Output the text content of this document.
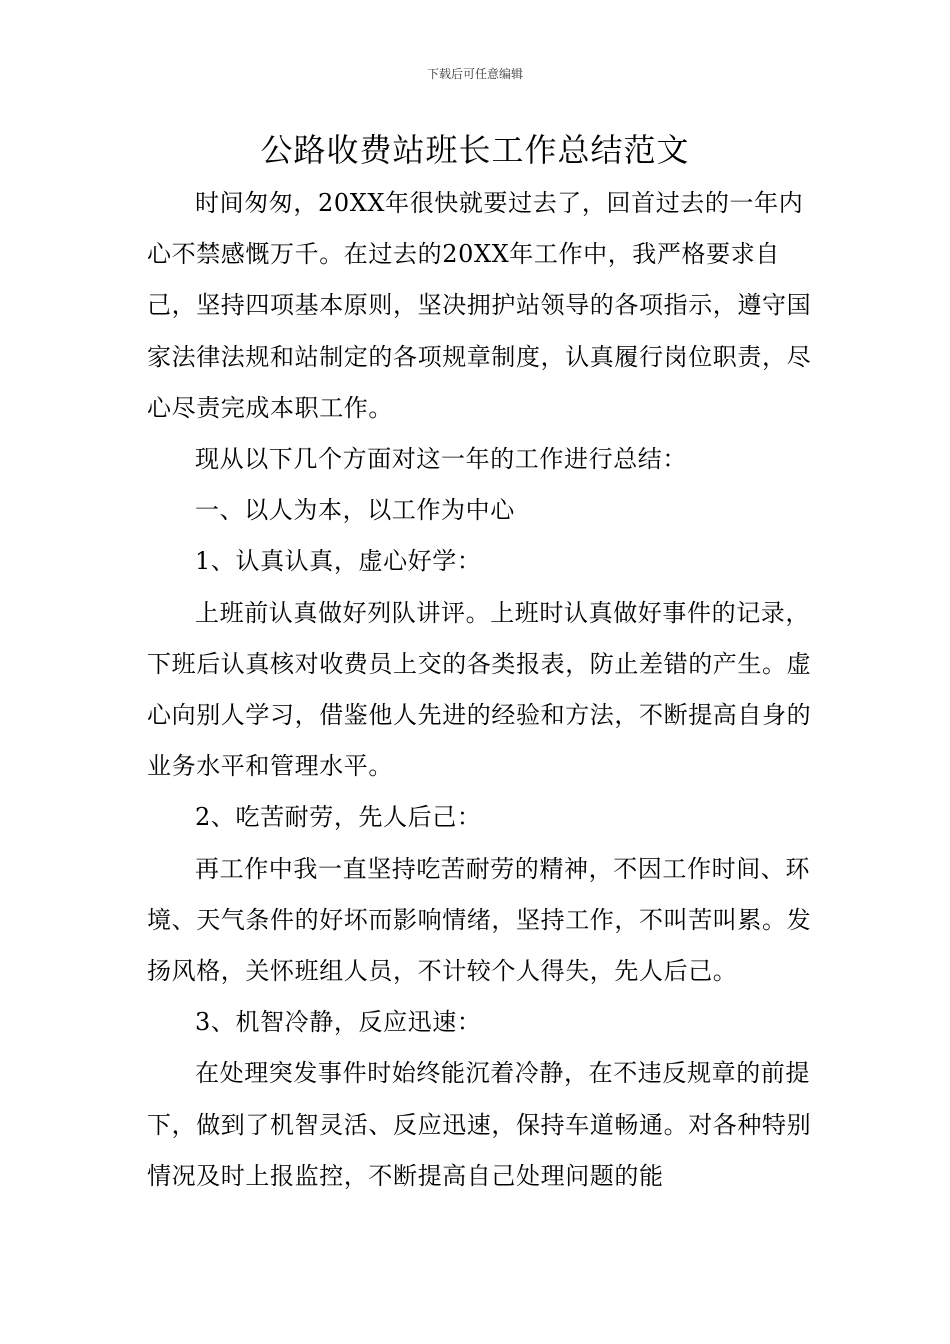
下载后可任意编辑
公路收费站班长工作总结范文

时间匆匆，20XX年很快就要过去了，回首过去的一年内心不禁感慨万千。在过去的20XX年工作中，我严格要求自己，坚持四项基本原则，坚决拥护站领导的各项指示，遵守国家法律法规和站制定的各项规章制度，认真履行岗位职责，尽心尽责完成本职工作。

现从以下几个方面对这一年的工作进行总结：

一、以人为本，以工作为中心

1、认真认真，虚心好学：

上班前认真做好列队讲评。上班时认真做好事件的记录，下班后认真核对收费员上交的各类报表，防止差错的产生。虚心向别人学习，借鉴他人先进的经验和方法，不断提高自身的业务水平和管理水平。

2、吃苦耐劳，先人后己：

再工作中我一直坚持吃苦耐劳的精神，不因工作时间、环境、天气条件的好坏而影响情绪，坚持工作，不叫苦叫累。发扬风格，关怀班组人员，不计较个人得失，先人后己。

3、机智冷静，反应迅速：

在处理突发事件时始终能沉着冷静，在不违反规章的前提下，做到了机智灵活、反应迅速，保持车道畅通。对各种特别情况及时上报监控，不断提高自己处理问题的能
